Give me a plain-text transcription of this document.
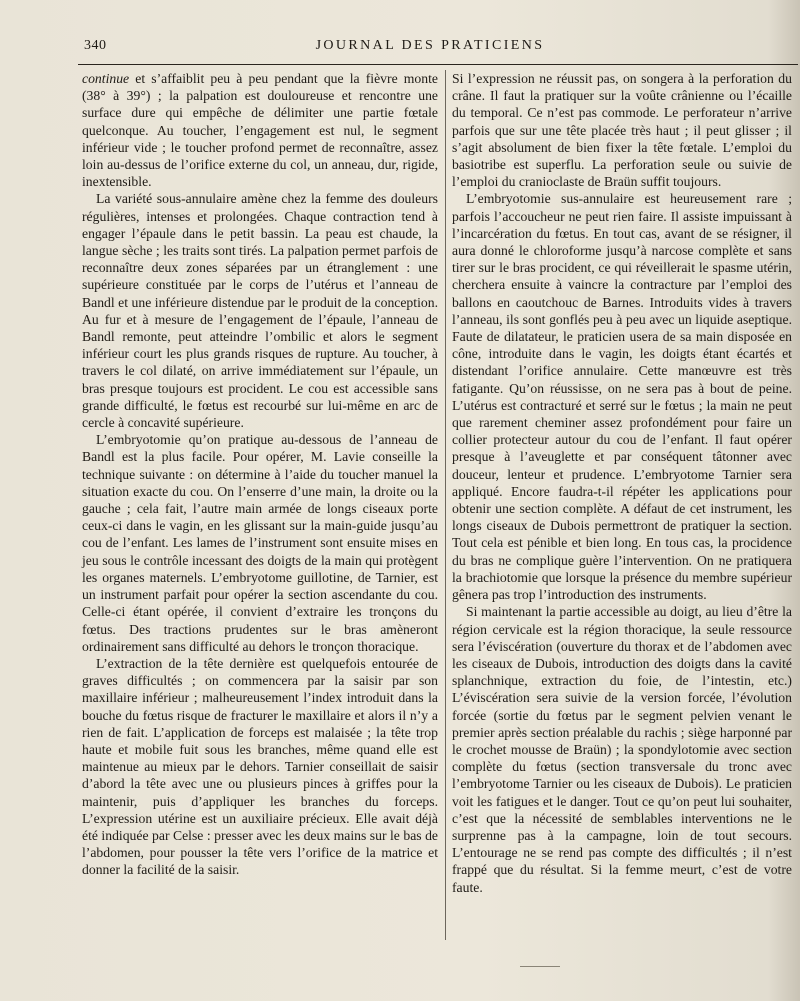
340	JOURNAL DES PRATICIENS

continue et s’affaiblit peu à peu pendant que la fièvre monte (38° à 39°) ; la palpation est douloureuse et rencontre une surface dure qui empêche de délimiter une partie fœtale quelconque. Au toucher, l’engagement est nul, le segment inférieur vide ; le toucher profond permet de reconnaître, assez loin au-dessus de l’orifice externe du col, un anneau, dur, rigide, inextensible.

La variété sous-annulaire amène chez la femme des douleurs régulières, intenses et prolongées. Chaque contraction tend à engager l’épaule dans le petit bassin. La peau est chaude, la langue sèche ; les traits sont tirés. La palpation permet parfois de reconnaître deux zones séparées par un étranglement : une supérieure constituée par le corps de l’utérus et l’anneau de Bandl et une inférieure distendue par le produit de la conception. Au fur et à mesure de l’engagement de l’épaule, l’anneau de Bandl remonte, peut atteindre l’ombilic et alors le segment inférieur court les plus grands risques de rupture. Au toucher, à travers le col dilaté, on arrive immédiatement sur l’épaule, un bras presque toujours est procident. Le cou est accessible sans grande difficulté, le fœtus est recourbé sur lui-même en arc de cercle à concavité supérieure.

L’embryotomie qu’on pratique au-dessous de l’anneau de Bandl est la plus facile. Pour opérer, M. Lavie conseille la technique suivante : on détermine à l’aide du toucher manuel la situation exacte du cou. On l’enserre d’une main, la droite ou la gauche ; cela fait, l’autre main armée de longs ciseaux porte ceux-ci dans le vagin, en les glissant sur la main-guide jusqu’au cou de l’enfant. Les lames de l’instrument sont ensuite mises en jeu sous le contrôle incessant des doigts de la main qui protègent les organes maternels. L’embryotome guillotine, de Tarnier, est un instrument parfait pour opérer la section ascendante du cou. Celle-ci étant opérée, il convient d’extraire les tronçons du fœtus. Des tractions prudentes sur le bras amèneront ordinairement sans difficulté au dehors le tronçon thoracique.

L’extraction de la tête dernière est quelquefois entourée de graves difficultés ; on commencera par la saisir par son maxillaire inférieur ; malheureusement l’index introduit dans la bouche du fœtus risque de fracturer le maxillaire et alors il n’y a rien de fait. L’application de forceps est malaisée ; la tête trop haute et mobile fuit sous les branches, même quand elle est maintenue au mieux par le dehors. Tarnier conseillait de saisir d’abord la tête avec une ou plusieurs pinces à griffes pour la maintenir, puis d’appliquer les branches du forceps. L’expression utérine est un auxiliaire précieux. Elle avait déjà été indiquée par Celse : presser avec les deux mains sur le bas de l’abdomen, pour pousser la tête vers l’orifice de la matrice et donner la facilité de la saisir.

Si l’expression ne réussit pas, on songera à la perforation du crâne. Il faut la pratiquer sur la voûte crânienne ou l’écaille du temporal. Ce n’est pas commode. Le perforateur n’arrive parfois que sur une tête placée très haut ; il peut glisser ; il s’agit absolument de bien fixer la tête fœtale. L’emploi du basiotribe est superflu. La perforation seule ou suivie de l’emploi du cranioclaste de Braün suffit toujours.

L’embryotomie sus-annulaire est heureusement rare ; parfois l’accoucheur ne peut rien faire. Il assiste impuissant à l’incarcération du fœtus. En tout cas, avant de se résigner, il aura donné le chloroforme jusqu’à narcose complète et sans tirer sur le bras procident, ce qui réveillerait le spasme utérin, cherchera ensuite à vaincre la contracture par l’emploi des ballons en caoutchouc de Barnes. Introduits vides à travers l’anneau, ils sont gonflés peu à peu avec un liquide aseptique. Faute de dilatateur, le praticien usera de sa main disposée en cône, introduite dans le vagin, les doigts étant écartés et distendant l’orifice annulaire. Cette manœuvre est très fatigante. Qu’on réussisse, on ne sera pas à bout de peine. L’utérus est contracturé et serré sur le fœtus ; la main ne peut que rarement cheminer assez profondément pour faire un collier protecteur autour du cou de l’enfant. Il faut opérer presque à l’aveuglette et par conséquent tâtonner avec douceur, lenteur et prudence. L’embryotome Tarnier sera appliqué. Encore faudra-t-il répéter les applications pour obtenir une section complète. A défaut de cet instrument, les longs ciseaux de Dubois permettront de pratiquer la section. Tout cela est pénible et bien long. En tous cas, la procidence du bras ne complique guère l’intervention. On ne pratiquera la brachiotomie que lorsque la présence du membre supérieur gênera pas trop l’introduction des instruments.

Si maintenant la partie accessible au doigt, au lieu d’être la région cervicale est la région thoracique, la seule ressource sera l’éviscération (ouverture du thorax et de l’abdomen avec les ciseaux de Dubois, introduction des doigts dans la cavité splanchnique, extraction du foie, de l’intestin, etc.) L’éviscération sera suivie de la version forcée, l’évolution forcée (sortie du fœtus par le segment pelvien venant le premier après section préalable du rachis ; siège harponné par le crochet mousse de Braün) ; la spondylotomie avec section complète du fœtus (section transversale du tronc avec l’embryotome Tarnier ou les ciseaux de Dubois). Le praticien voit les fatigues et le danger. Tout ce qu’on peut lui souhaiter, c’est que la nécessité de semblables interventions ne le surprenne pas à la campagne, loin de tout secours. L’entourage ne se rend pas compte des difficultés ; il n’est frappé que du résultat. Si la femme meurt, c’est de votre faute.
